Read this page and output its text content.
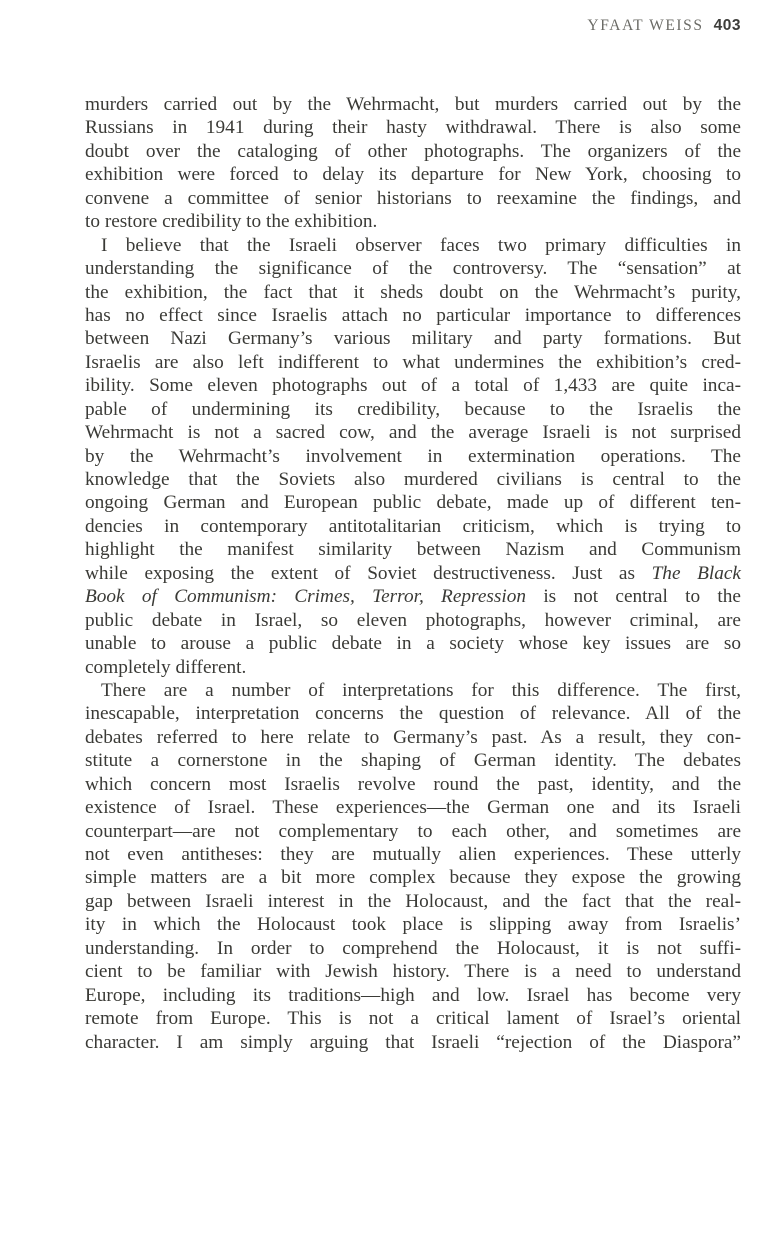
YFAAT WEISS 403
murders carried out by the Wehrmacht, but murders carried out by the
Russians in 1941 during their hasty withdrawal. There is also some
doubt over the cataloging of other photographs. The organizers of the
exhibition were forced to delay its departure for New York, choosing to
convene a committee of senior historians to reexamine the findings, and
to restore credibility to the exhibition.
I believe that the Israeli observer faces two primary difficulties in
understanding the significance of the controversy. The “sensation” at
the exhibition, the fact that it sheds doubt on the Wehrmacht’s purity,
has no effect since Israelis attach no particular importance to differences
between Nazi Germany’s various military and party formations. But
Israelis are also left indifferent to what undermines the exhibition’s cred-
ibility. Some eleven photographs out of a total of 1,433 are quite inca-
pable of undermining its credibility, because to the Israelis the
Wehrmacht is not a sacred cow, and the average Israeli is not surprised
by the Wehrmacht’s involvement in extermination operations. The
knowledge that the Soviets also murdered civilians is central to the
ongoing German and European public debate, made up of different ten-
dencies in contemporary antitotalitarian criticism, which is trying to
highlight the manifest similarity between Nazism and Communism
while exposing the extent of Soviet destructiveness. Just as The Black
Book of Communism: Crimes, Terror, Repression is not central to the
public debate in Israel, so eleven photographs, however criminal, are
unable to arouse a public debate in a society whose key issues are so
completely different.
There are a number of interpretations for this difference. The first,
inescapable, interpretation concerns the question of relevance. All of the
debates referred to here relate to Germany’s past. As a result, they con-
stitute a cornerstone in the shaping of German identity. The debates
which concern most Israelis revolve round the past, identity, and the
existence of Israel. These experiences—the German one and its Israeli
counterpart—are not complementary to each other, and sometimes are
not even antitheses: they are mutually alien experiences. These utterly
simple matters are a bit more complex because they expose the growing
gap between Israeli interest in the Holocaust, and the fact that the real-
ity in which the Holocaust took place is slipping away from Israelis’
understanding. In order to comprehend the Holocaust, it is not suffi-
cient to be familiar with Jewish history. There is a need to understand
Europe, including its traditions—high and low. Israel has become very
remote from Europe. This is not a critical lament of Israel’s oriental
character. I am simply arguing that Israeli “rejection of the Diaspora”
